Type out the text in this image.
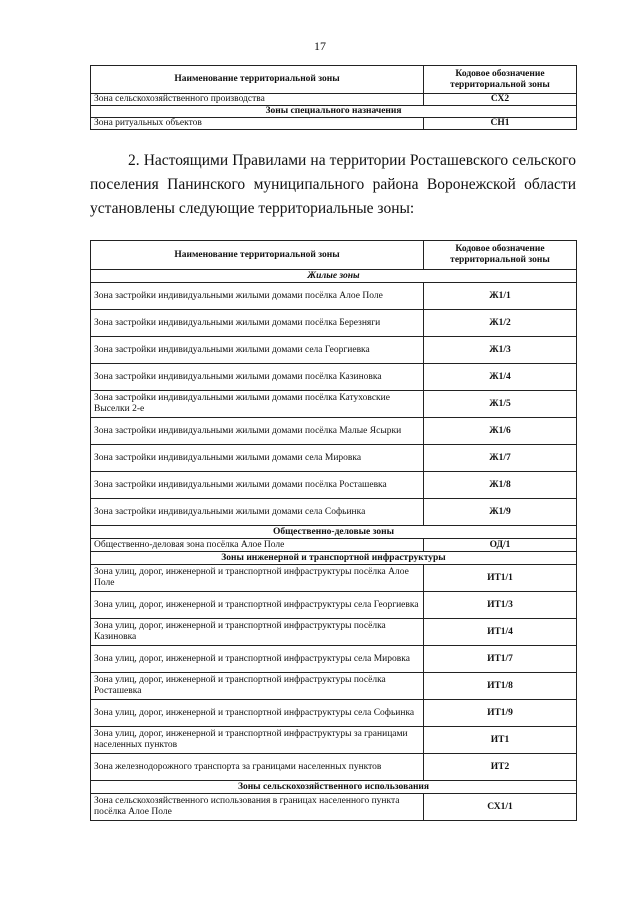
17
Наименование территориальной зоны	Кодовое обозначение территориальной зоны
Зона сельскохозяйственного производства	СХ2
Зоны специального назначения	
Зона ритуальных объектов	СН1
2. Настоящими Правилами на территории Росташевского сельского
поселения Панинского муниципального района Воронежской области
установлены следующие территориальные зоны:
Наименование территориальной зоны	Кодовое обозначение территориальной зоны
Жилые зоны	
Зона застройки индивидуальными жилыми домами посёлка Алое Поле	Ж1/1
Зона застройки индивидуальными жилыми домами посёлка Березняги	Ж1/2
Зона застройки индивидуальными жилыми домами села Георгиевка	Ж1/3
Зона застройки индивидуальными жилыми домами посёлка Казиновка	Ж1/4
Зона застройки индивидуальными жилыми домами посёлка Катуховские Выселки 2-е	Ж1/5
Зона застройки индивидуальными жилыми домами посёлка Малые Ясырки	Ж1/6
Зона застройки индивидуальными жилыми домами села Мировка	Ж1/7
Зона застройки индивидуальными жилыми домами посёлка Росташевка	Ж1/8
Зона застройки индивидуальными жилыми домами села Софьинка	Ж1/9
Общественно-деловые зоны	
Общественно-деловая зона посёлка Алое Поле	ОД/1
Зоны инженерной и транспортной инфраструктуры	
Зона улиц, дорог, инженерной и транспортной инфраструктуры посёлка Алое Поле	ИТ1/1
Зона улиц, дорог, инженерной и транспортной инфраструктуры села Георгиевка	ИТ1/3
Зона улиц, дорог, инженерной и транспортной инфраструктуры посёлка Казиновка	ИТ1/4
Зона улиц, дорог, инженерной и транспортной инфраструктуры села Мировка	ИТ1/7
Зона улиц, дорог, инженерной и транспортной инфраструктуры посёлка Росташевка	ИТ1/8
Зона улиц, дорог, инженерной и транспортной инфраструктуры села Софьинка	ИТ1/9
Зона улиц, дорог, инженерной и транспортной инфраструктуры за границами населенных пунктов	ИТ1
Зона железнодорожного транспорта за границами населенных пунктов	ИТ2
Зоны сельскохозяйственного использования	
Зона сельскохозяйственного использования в границах населенного пункта посёлка Алое Поле	СХ1/1
